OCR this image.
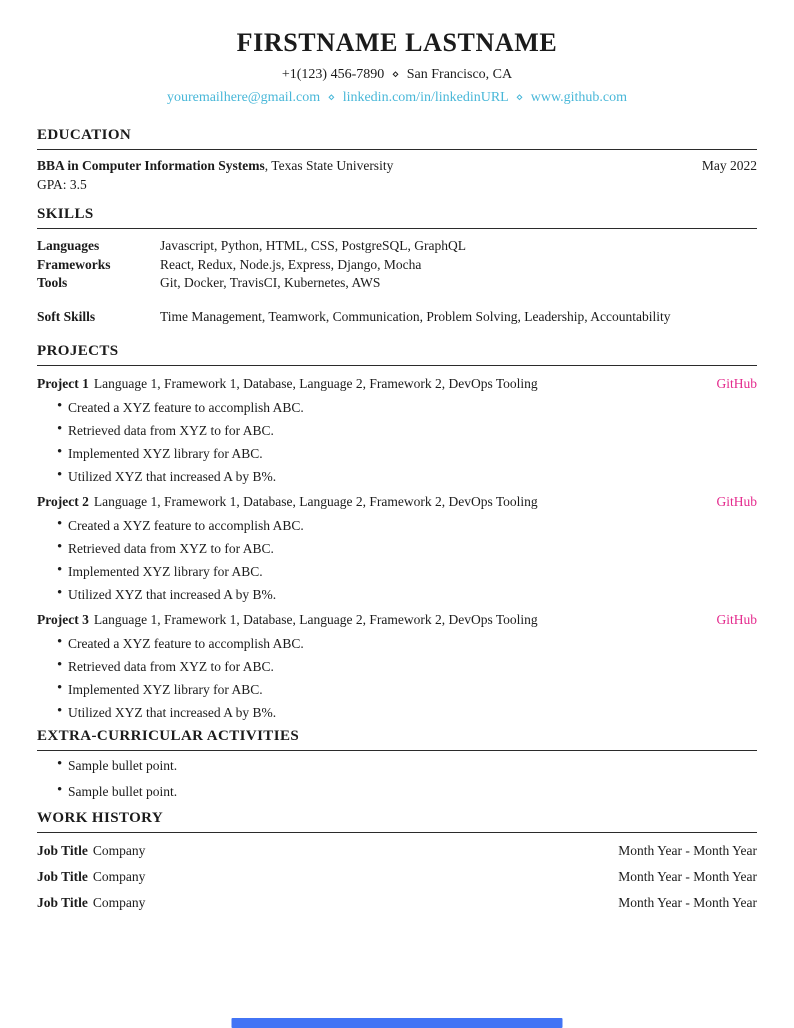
FIRSTNAME LASTNAME
+1(123) 456-7890 ⋄ San Francisco, CA
youremailhere@gmail.com ⋄ linkedin.com/in/linkedinURL ⋄ www.github.com
EDUCATION
BBA in Computer Information Systems, Texas State University	May 2022
GPA: 3.5
SKILLS
Languages	Javascript, Python, HTML, CSS, PostgreSQL, GraphQL
Frameworks	React, Redux, Node.js, Express, Django, Mocha
Tools	Git, Docker, TravisCI, Kubernetes, AWS
Soft Skills	Time Management, Teamwork, Communication, Problem Solving, Leadership, Accountability
PROJECTS
Project 1 Language 1, Framework 1, Database, Language 2, Framework 2, DevOps Tooling	GitHub
• Created a XYZ feature to accomplish ABC.
• Retrieved data from XYZ to for ABC.
• Implemented XYZ library for ABC.
• Utilized XYZ that increased A by B%.
Project 2 Language 1, Framework 1, Database, Language 2, Framework 2, DevOps Tooling	GitHub
• Created a XYZ feature to accomplish ABC.
• Retrieved data from XYZ to for ABC.
• Implemented XYZ library for ABC.
• Utilized XYZ that increased A by B%.
Project 3 Language 1, Framework 1, Database, Language 2, Framework 2, DevOps Tooling	GitHub
• Created a XYZ feature to accomplish ABC.
• Retrieved data from XYZ to for ABC.
• Implemented XYZ library for ABC.
• Utilized XYZ that increased A by B%.
EXTRA-CURRICULAR ACTIVITIES
• Sample bullet point.
• Sample bullet point.
WORK HISTORY
Job Title Company	Month Year - Month Year
Job Title Company	Month Year - Month Year
Job Title Company	Month Year - Month Year
